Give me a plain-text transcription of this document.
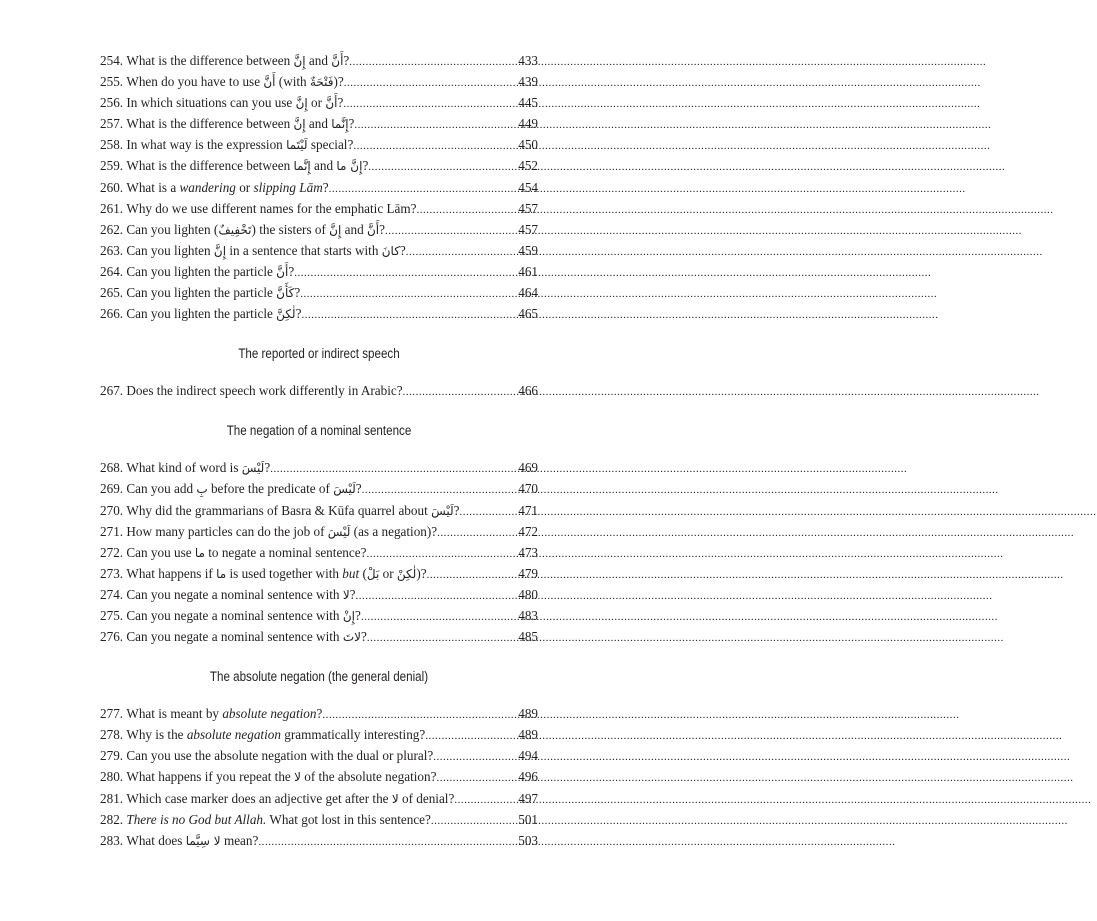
254. What is the difference between إِنَّ and أَنَّ? .....	433
255. When do you have to use أَنَّ (with فَتْحَةٌ)? .....	439
256. In which situations can you use إِنَّ or أَنَّ? .....	445
257. What is the difference between إِنَّ and إِنَّما? .....	449
258. In what way is the expression لَيْتَما special? .....	450
259. What is the difference between إِنَّما and إِنَّ ما? .....	452
260. What is a wandering or slipping Lām? .....	454
261. Why do we use different names for the emphatic Lām? .....	457
262. Can you lighten (تَخْفِيفٌ) the sisters of إِنَّ and أَنَّ? .....	457
263. Can you lighten إِنَّ in a sentence that starts with كانَ? .....	459
264. Can you lighten the particle أَنَّ? .....	461
265. Can you lighten the particle كَأَنَّ? .....	464
266. Can you lighten the particle لٰكِنَّ? .....	465
The reported or indirect speech
267. Does the indirect speech work differently in Arabic? .....	466
The negation of a nominal sentence
268. What kind of word is لَيْسَ? .....	469
269. Can you add بِ before the predicate of لَيْسَ? .....	470
270. Why did the grammarians of Basra & Kūfa quarrel about لَيْسَ? .....	471
271. How many particles can do the job of لَيْسَ (as a negation)? .....	472
272. Can you use ما to negate a nominal sentence? .....	473
273. What happens if ما is used together with but (بَلْ or لٰكِنْ)? .....	479
274. Can you negate a nominal sentence with لا? .....	480
275. Can you negate a nominal sentence with إِنْ? .....	483
276. Can you negate a nominal sentence with لاتَ? .....	485
The absolute negation (the general denial)
277. What is meant by absolute negation? .....	489
278. Why is the absolute negation grammatically interesting? .....	489
279. Can you use the absolute negation with the dual or plural? .....	494
280. What happens if you repeat the لا of the absolute negation? .....	496
281. Which case marker does an adjective get after the لا of denial? .....	497
282. There is no God but Allah. What got lost in this sentence? .....	501
283. What does لا سِيَّما mean? .....	503
